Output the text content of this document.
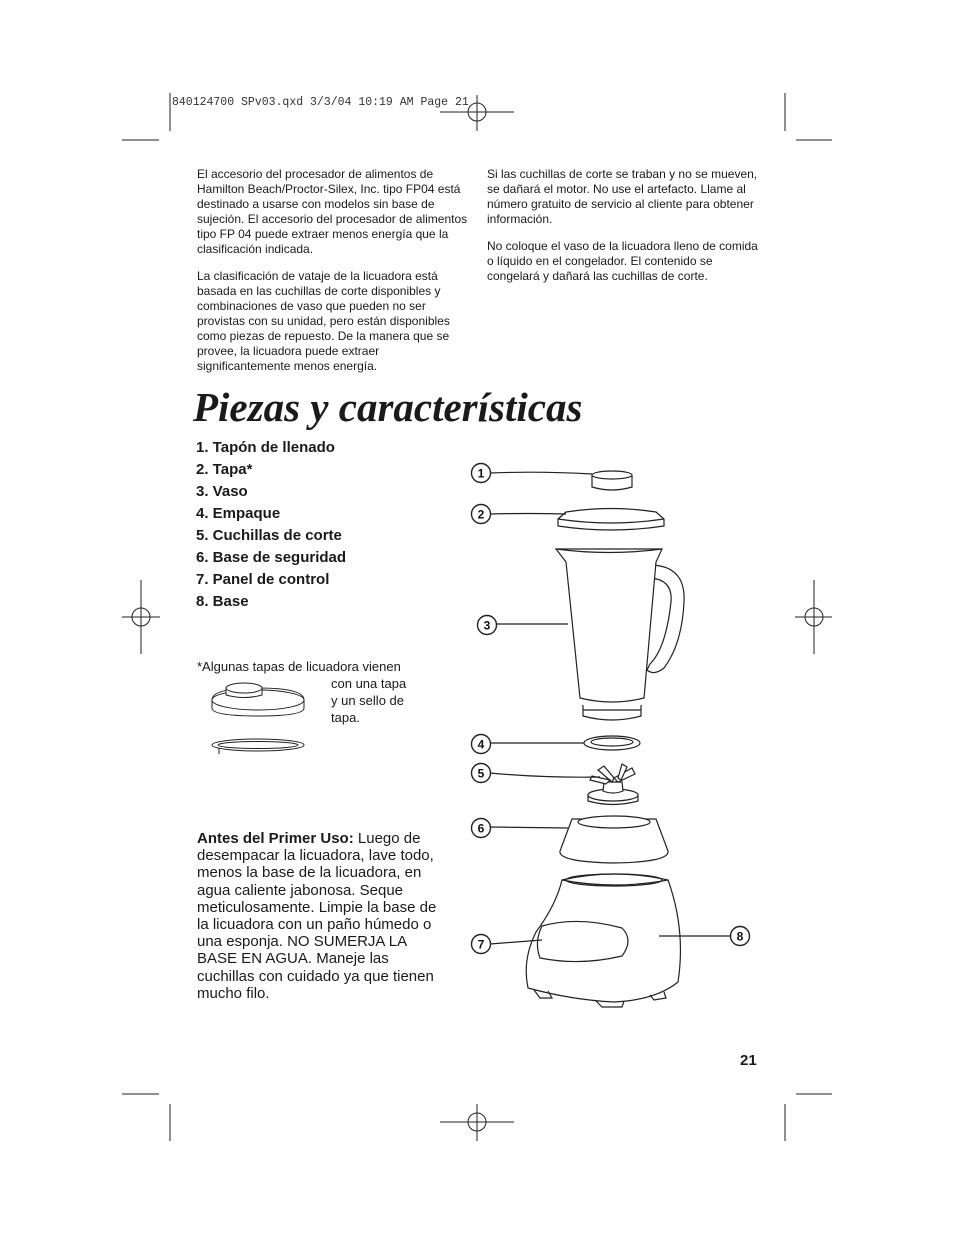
840124700 SPv03.qxd 3/3/04 10:19 AM Page 21
1
2
3
4
5
6
7
8

El accesorio del procesador de alimentos de Hamilton Beach/Proctor-Silex, Inc. tipo FP04 está destinado a usarse con modelos sin base de sujeción. El accesorio del procesador de alimentos tipo FP 04 puede extraer menos energía que la clasificación indicada.

La clasificación de vataje de la licuadora está basada en las cuchillas de corte disponibles y combinaciones de vaso que pueden no ser provistas con su unidad, pero están disponibles como piezas de repuesto. De la manera que se provee, la licuadora puede extraer significantemente menos energía.

Si las cuchillas de corte se traban y no se mueven, se dañará el motor. No use el artefacto. Llame al número gratuito de servicio al cliente para obtener información.

No coloque el vaso de la licuadora lleno de comida o líquido en el congelador. El contenido se congelará y dañará las cuchillas de corte.

Piezas y características
1. Tapón de llenado
2. Tapa*
3. Vaso
4. Empaque
5. Cuchillas de corte
6. Base de seguridad
7. Panel de control
8. Base
*Algunas tapas de licuadora vienen
con una tapa
y un sello de
tapa.

Antes del Primer Uso: Luego de desempacar la licuadora, lave todo, menos la base de la licuadora, en agua caliente jabonosa. Seque meticulosamente. Limpie la base de la licuadora con un paño húmedo o una esponja. NO SUMERJA LA BASE EN AGUA. Maneje las cuchillas con cuidado ya que tienen mucho filo.

21
